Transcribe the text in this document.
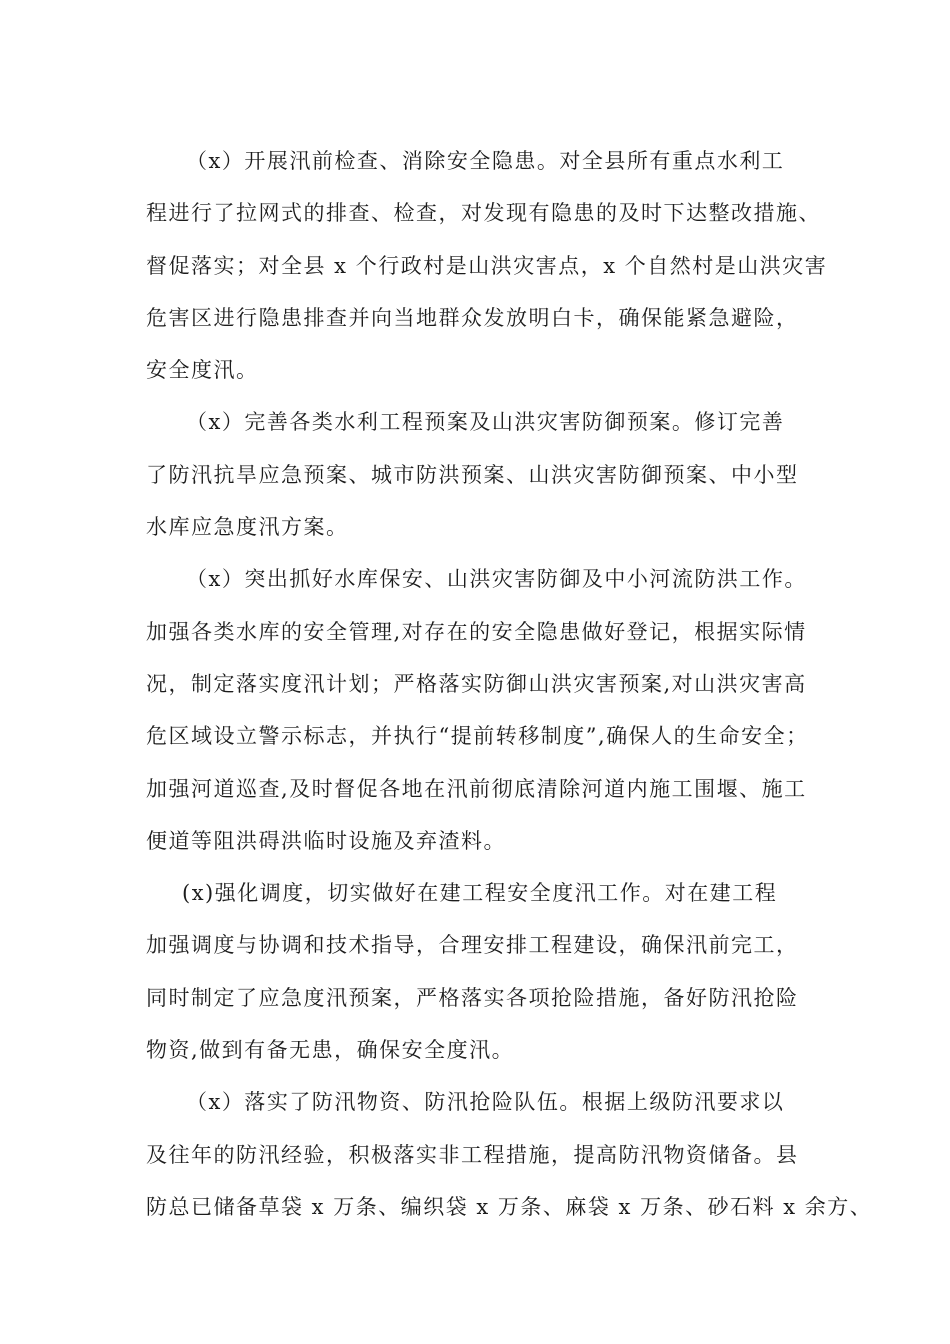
（x）开展汛前检查、消除安全隐患。对全县所有重点水利工
程进行了拉网式的排查、检查，对发现有隐患的及时下达整改措施、
督促落实；对全县 x 个行政村是山洪灾害点，x 个自然村是山洪灾害
危害区进行隐患排查并向当地群众发放明白卡，确保能紧急避险，
安全度汛。
（x）完善各类水利工程预案及山洪灾害防御预案。修订完善
了防汛抗旱应急预案、城市防洪预案、山洪灾害防御预案、中小型
水库应急度汛方案。
（x）突出抓好水库保安、山洪灾害防御及中小河流防洪工作。
加强各类水库的安全管理,对存在的安全隐患做好登记，根据实际情
况，制定落实度汛计划；严格落实防御山洪灾害预案,对山洪灾害高
危区域设立警示标志，并执行“提前转移制度”,确保人的生命安全；
加强河道巡查,及时督促各地在汛前彻底清除河道内施工围堰、施工
便道等阻洪碍洪临时设施及弃渣料。
(x)强化调度，切实做好在建工程安全度汛工作。对在建工程
加强调度与协调和技术指导，合理安排工程建设，确保汛前完工，
同时制定了应急度汛预案，严格落实各项抢险措施，备好防汛抢险
物资,做到有备无患，确保安全度汛。
（x）落实了防汛物资、防汛抢险队伍。根据上级防汛要求以
及往年的防汛经验，积极落实非工程措施，提高防汛物资储备。县
防总已储备草袋 x 万条、编织袋 x 万条、麻袋 x 万条、砂石料 x 余方、
